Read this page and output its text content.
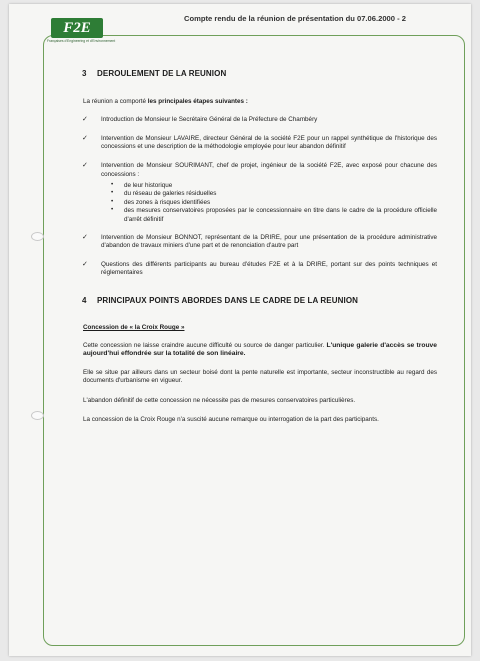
F2E
Françaises d'Engineering et d'Environnement
Compte rendu de la réunion de présentation du 07.06.2000 - 2
3 DEROULEMENT DE LA REUNION

La réunion a comporté les principales étapes suivantes :

✓ Introduction de Monsieur le Secrétaire Général de la Préfecture de Chambéry
✓ Intervention de Monsieur LAVAIRE, directeur Général de la société F2E pour un rappel synthétique de l'historique des concessions et une description de la méthodologie employée pour leur abandon définitif
✓ Intervention de Monsieur SOURIMANT, chef de projet, ingénieur de la société F2E, avec exposé pour chacune des concessions :
• de leur historique
• du réseau de galeries résiduelles
• des zones à risques identifiées
• des mesures conservatoires proposées par le concessionnaire en titre dans le cadre de la procédure officielle d'arrêt définitif
✓ Intervention de Monsieur BONNOT, représentant de la DRIRE, pour une présentation de la procédure administrative d'abandon de travaux miniers d'une part et de renonciation d'autre part
✓ Questions des différents participants au bureau d'études F2E et à la DRIRE, portant sur des points techniques et réglementaires
4 PRINCIPAUX POINTS ABORDES DANS LE CADRE DE LA REUNION

Concession de « la Croix Rouge »

Cette concession ne laisse craindre aucune difficulté ou source de danger particulier. L'unique galerie d'accès se trouve aujourd'hui effondrée sur la totalité de son linéaire.

Elle se situe par ailleurs dans un secteur boisé dont la pente naturelle est importante, secteur inconstructible au regard des documents d'urbanisme en vigueur.

L'abandon définitif de cette concession ne nécessite pas de mesures conservatoires particulières.

La concession de la Croix Rouge n'a suscité aucune remarque ou interrogation de la part des participants.
